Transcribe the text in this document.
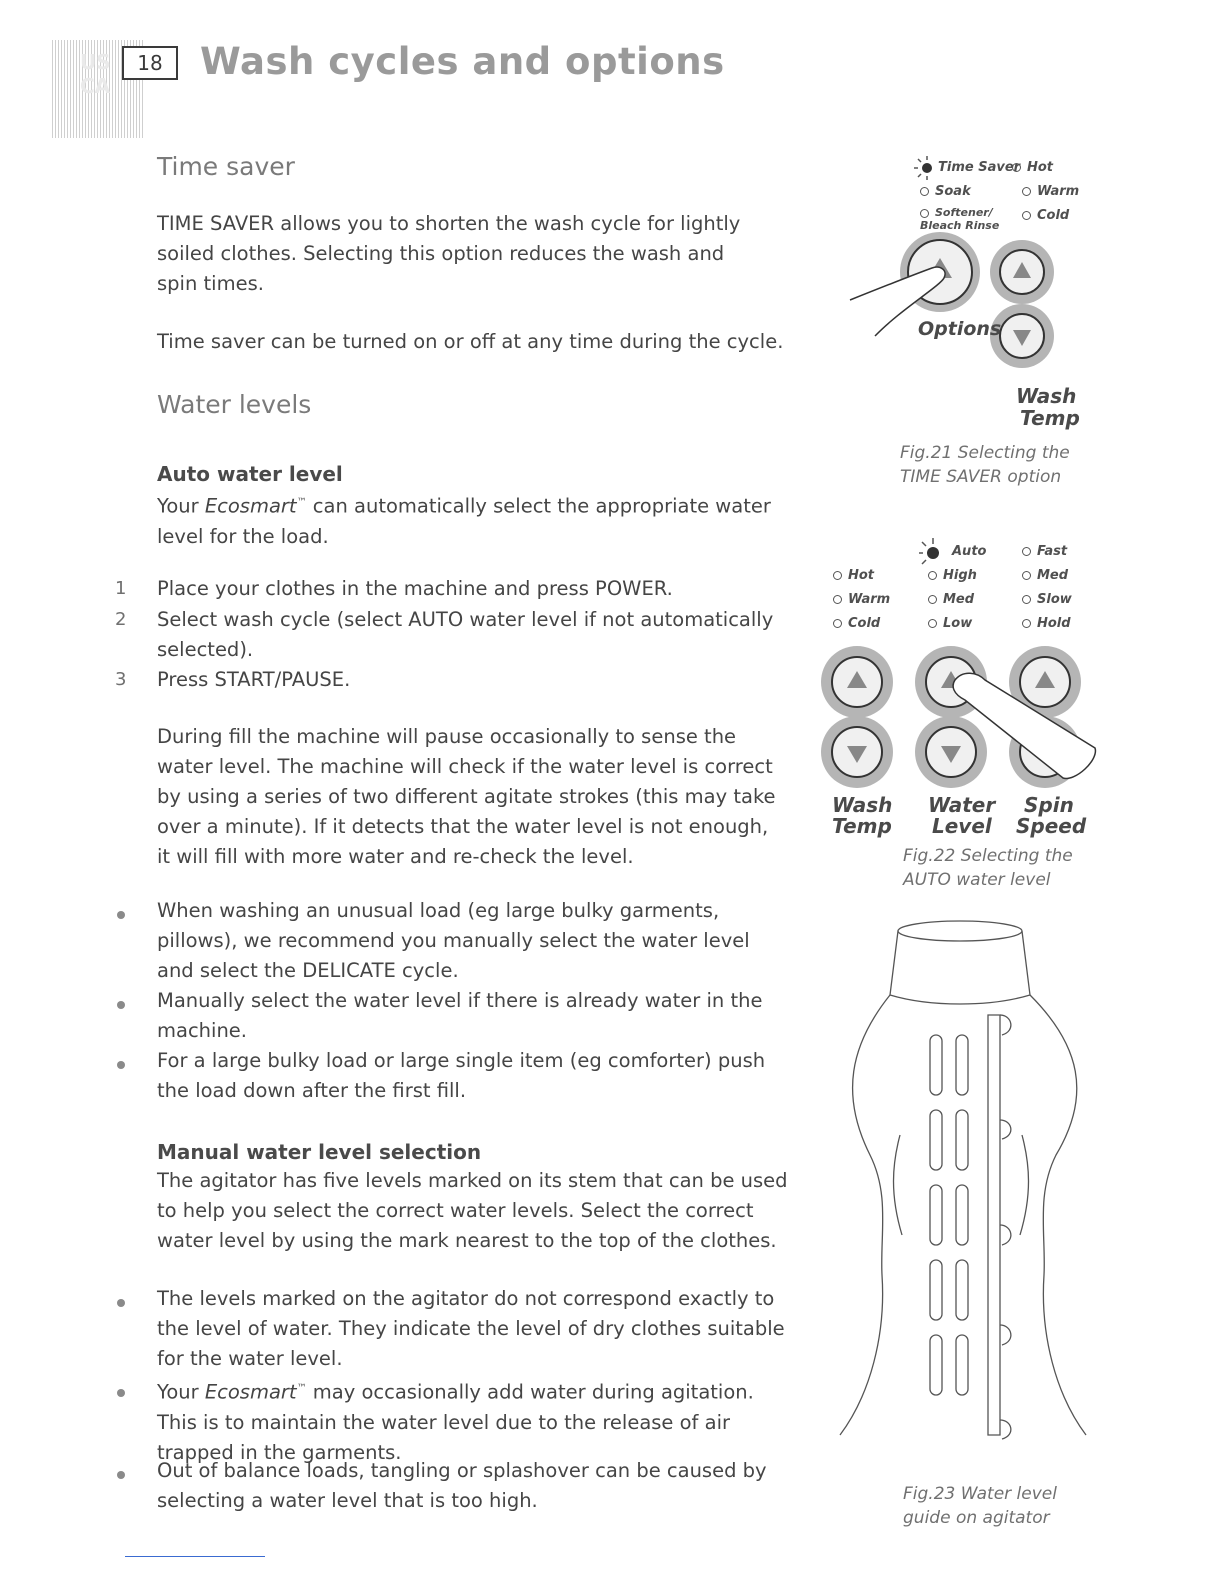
US
CA
18	Wash cycles and options
Time saver
TIME SAVER allows you to shorten the wash cycle for lightly
soiled clothes. Selecting this option reduces the wash and
spin times.
Time saver can be turned on or off at any time during the cycle.
Water levels
Auto water level
Your Ecosmart™ can automatically select the appropriate water
level for the load.
1 Place your clothes in the machine and press POWER.
2 Select wash cycle (select AUTO water level if not automatically
selected).
3 Press START/PAUSE.
During fill the machine will pause occasionally to sense the
water level. The machine will check if the water level is correct
by using a series of two different agitate strokes (this may take
over a minute). If it detects that the water level is not enough,
it will fill with more water and re-check the level.
When washing an unusual load (eg large bulky garments,
pillows), we recommend you manually select the water level
and select the DELICATE cycle.
Manually select the water level if there is already water in the
machine.
For a large bulky load or large single item (eg comforter) push
the load down after the first fill.
Manual water level selection
The agitator has five levels marked on its stem that can be used
to help you select the correct water levels. Select the correct
water level by using the mark nearest to the top of the clothes.
The levels marked on the agitator do not correspond exactly to
the level of water. They indicate the level of dry clothes suitable
for the water level.
Your Ecosmart™ may occasionally add water during agitation.
This is to maintain the water level due to the release of air
trapped in the garments.
Out of balance loads, tangling or splashover can be caused by
selecting a water level that is too high.
Time Saver
Soak
Softener/ Bleach Rinse
Hot
Warm
Cold
Options
Wash
Temp
Fig.21 Selecting the
TIME SAVER option
Hot
Warm
Cold
Auto
High
Med
Low
Fast
Med
Slow
Hold
Wash
Temp
Water
Level
Spin
Speed
Fig.22 Selecting the
AUTO water level
Fig.23 Water level
guide on agitator
